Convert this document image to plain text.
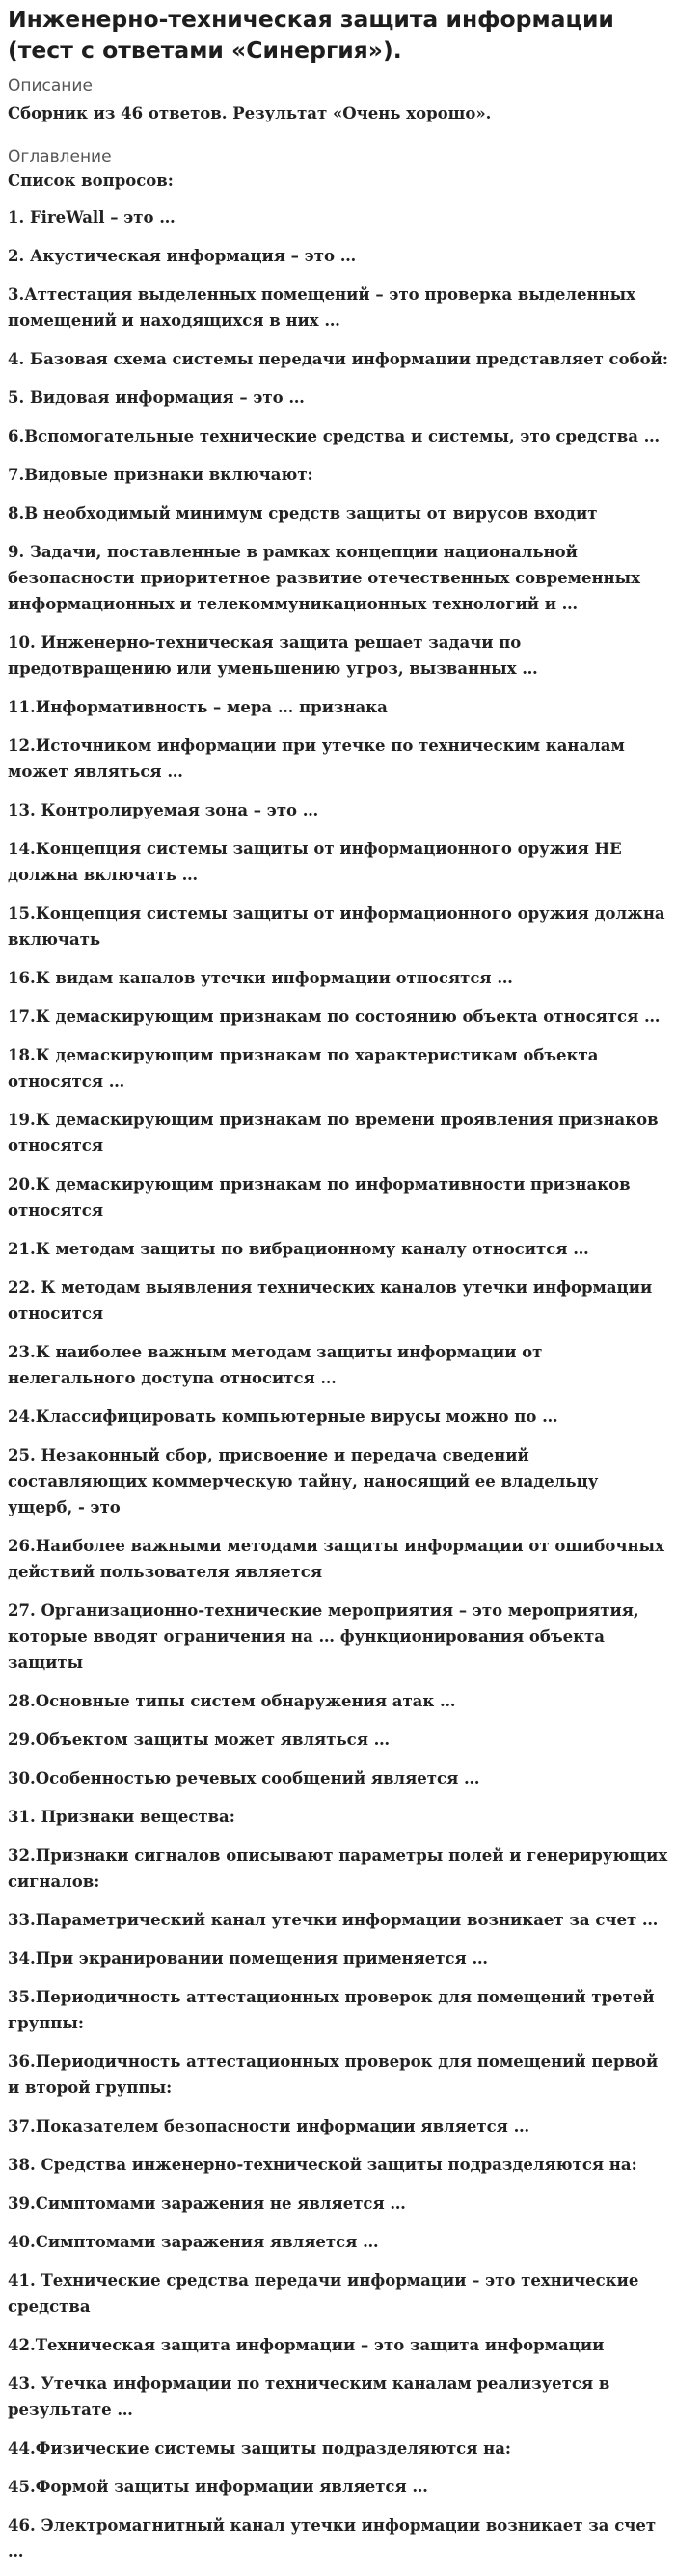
Инженерно-техническая защита информации (тест с ответами «Синергия»).
Описание
Сборник из 46 ответов. Результат «Очень хорошо».
Оглавление
Список вопросов:
1. FireWall – это …
2. Акустическая информация – это …
3.Аттестация выделенных помещений – это проверка выделенных помещений и находящихся в них …
4. Базовая схема системы передачи информации представляет собой:
5. Видовая информация – это …
6.Вспомогательные технические средства и системы, это средства …
7.Видовые признаки включают:
8.В необходимый минимум средств защиты от вирусов входит
9. Задачи, поставленные в рамках концепции национальной безопасности приоритетное развитие отечественных современных информационных и телекоммуникационных технологий и …
10. Инженерно-техническая защита решает задачи по предотвращению или уменьшению угроз, вызванных …
11.Информативность – мера … признака
12.Источником информации при утечке по техническим каналам может являться …
13. Контролируемая зона – это …
14.Концепция системы защиты от информационного оружия НЕ должна включать …
15.Концепция системы защиты от информационного оружия должна включать
16.К видам каналов утечки информации относятся …
17.К демаскирующим признакам по состоянию объекта относятся …
18.К демаскирующим признакам по характеристикам объекта относятся …
19.К демаскирующим признакам по времени проявления признаков относятся
20.К демаскирующим признакам по информативности признаков относятся
21.К методам защиты по вибрационному каналу относится …
22. К методам выявления технических каналов утечки информации относится
23.К наиболее важным методам защиты информации от нелегального доступа относится …
24.Классифицировать компьютерные вирусы можно по …
25. Незаконный сбор, присвоение и передача сведений составляющих коммерческую тайну, наносящий ее владельцу ущерб, - это
26.Наиболее важными методами защиты информации от ошибочных действий пользователя является
27. Организационно-технические мероприятия – это мероприятия, которые вводят ограничения на … функционирования объекта защиты
28.Основные типы систем обнаружения атак …
29.Объектом защиты может являться …
30.Особенностью речевых сообщений является …
31. Признаки вещества:
32.Признаки сигналов описывают параметры полей и генерирующих сигналов:
33.Параметрический канал утечки информации возникает за счет …
34.При экранировании помещения применяется …
35.Периодичность аттестационных проверок для помещений третей группы:
36.Периодичность аттестационных проверок для помещений первой и второй группы:
37.Показателем безопасности информации является …
38. Средства инженерно-технической защиты подразделяются на:
39.Симптомами заражения не является …
40.Симптомами заражения является …
41. Технические средства передачи информации – это технические средства
42.Техническая защита информации – это защита информации
43. Утечка информации по техническим каналам реализуется в результате …
44.Физические системы защиты подразделяются на:
45.Формой защиты информации является …
46. Электромагнитный канал утечки информации возникает за счет …
